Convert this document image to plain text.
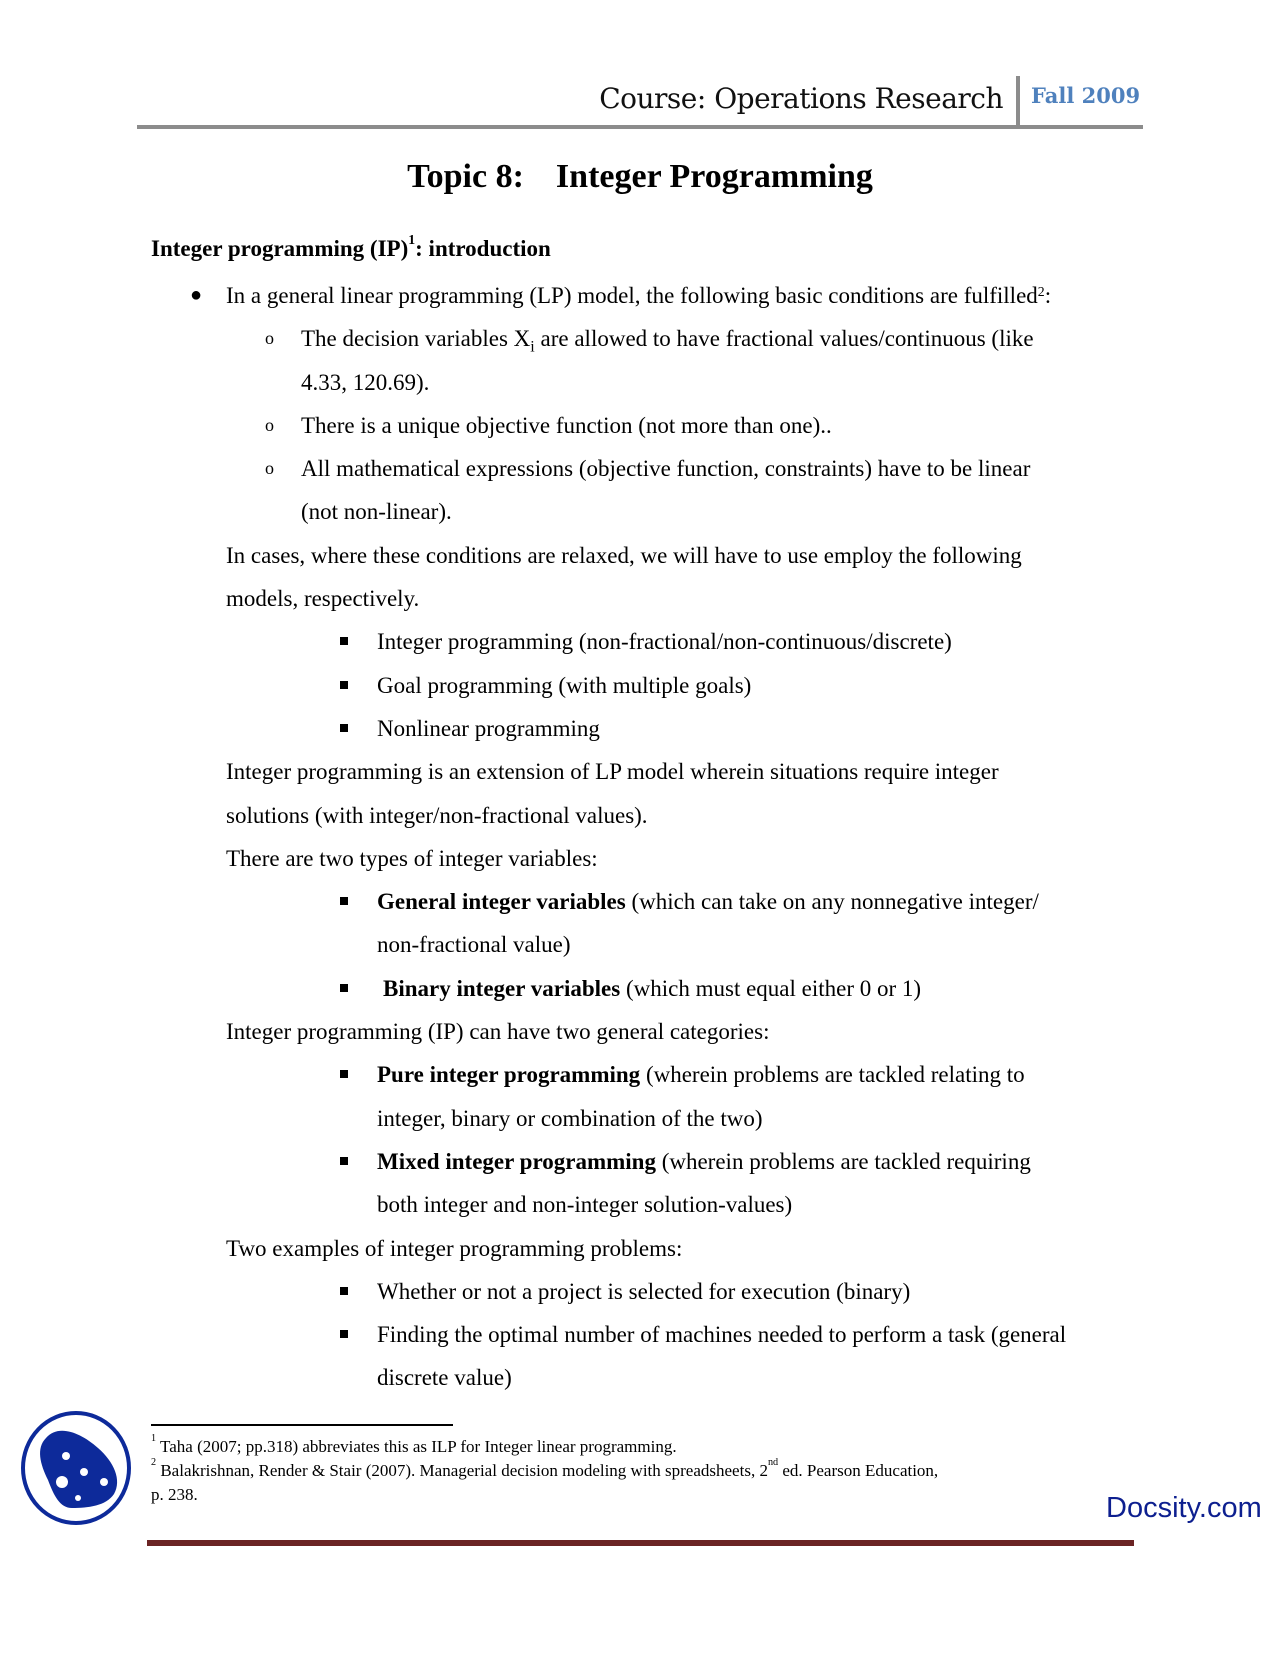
Course: Operations Research Fall 2009
Topic 8: Integer Programming
Integer programming (IP)$^1$: introduction
● In a general linear programming (LP) model, the following basic conditions are fulfilled$^2$:
o The decision variables $X_i$ are allowed to have fractional values/continuous (like
4.33, 120.69).
o There is a unique objective function (not more than one)..
o All mathematical expressions (objective function, constraints) have to be linear
(not non-linear).
In cases, where these conditions are relaxed, we will have to use employ the following
models, respectively.
Integer programming (non-fractional/non-continuous/discrete)
Goal programming (with multiple goals)
Nonlinear programming
Integer programming is an extension of LP model wherein situations require integer
solutions (with integer/non-fractional values).
There are two types of integer variables:
General integer variables (which can take on any nonnegative integer/
non-fractional value)
Binary integer variables (which must equal either 0 or 1)
Integer programming (IP) can have two general categories:
Pure integer programming (wherein problems are tackled relating to
integer, binary or combination of the two)
Mixed integer programming (wherein problems are tackled requiring
both integer and non-integer solution-values)
Two examples of integer programming problems:
Whether or not a project is selected for execution (binary)
Finding the optimal number of machines needed to perform a task (general
discrete value)
$^1$ Taha (2007; pp.318) abbreviates this as ILP for Integer linear programming.
$^2$ Balakrishnan, Render & Stair (2007). Managerial decision modeling with spreadsheets, 2nd ed. Pearson Education,
p. 238.	Docsity.com
